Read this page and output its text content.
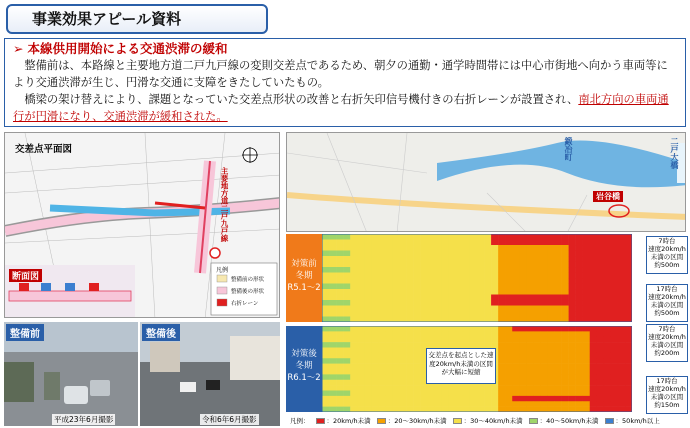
事業効果アピール資料
➢ 本線供用開始による交通渋滞の緩和
　整備前は、本路線と主要地方道二戸九戸線の変則交差点であるため、朝夕の通勤・通学時間帯には中心市街地へ向かう車両等により交通渋滞が生じ、円滑な交通に支障をきたしていたもの。
　橋梁の架け替えにより、課題となっていた交差点形状の改善と右折矢印信号機付きの右折レーンが設置され、南北方向の車両通行が円滑になり、交通渋滞が緩和された。
交差点平面図
主要地方道二戸九戸線
断面図
凡例
整備前の形状
整備後の形状
右折レーン
整備前
平成23年6月撮影
整備後
令和6年6月撮影
岩谷橋
二戸大橋
鍛冶町
対策前
冬期
R5.1～2
対策後
冬期
R6.1～2
7時台
速度20km/h
未満の区間
約500m
17時台
速度20km/h
未満の区間
約500m
7時台
速度20km/h
未満の区間
約200m
17時台
速度20km/h
未満の区間
約150m
交差点を起点とした速度20km/h未満の区間が大幅に短縮
凡例：	：20km/h未満	：20～30km/h未満	：30～40km/h未満	：40～50km/h未満	：50km/h以上
